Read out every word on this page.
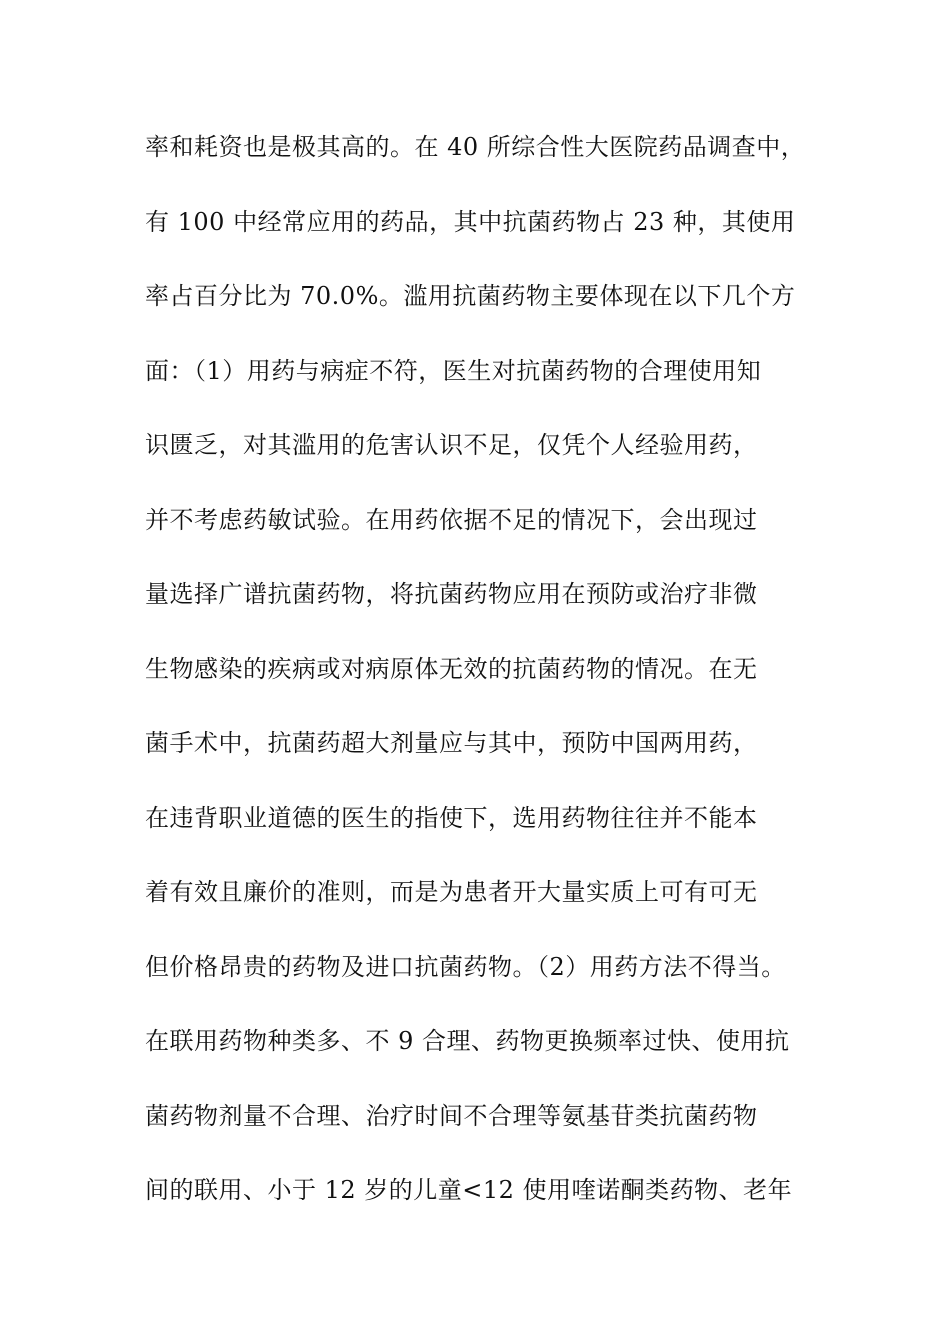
率和耗资也是极其高的。在 40 所综合性大医院药品调查中，
有 100 中经常应用的药品，其中抗菌药物占 23 种，其使用
率占百分比为 70.0%。滥用抗菌药物主要体现在以下几个方
面：（1）用药与病症不符，医生对抗菌药物的合理使用知
识匮乏，对其滥用的危害认识不足，仅凭个人经验用药，
并不考虑药敏试验。在用药依据不足的情况下，会出现过
量选择广谱抗菌药物，将抗菌药物应用在预防或治疗非微
生物感染的疾病或对病原体无效的抗菌药物的情况。在无
菌手术中，抗菌药超大剂量应与其中，预防中国两用药，
在违背职业道德的医生的指使下，选用药物往往并不能本
着有效且廉价的准则，而是为患者开大量实质上可有可无
但价格昂贵的药物及进口抗菌药物。（2）用药方法不得当。
在联用药物种类多、不 9 合理、药物更换频率过快、使用抗
菌药物剂量不合理、治疗时间不合理等氨基苷类抗菌药物
间的联用、小于 12 岁的儿童<12 使用喹诺酮类药物、老年
